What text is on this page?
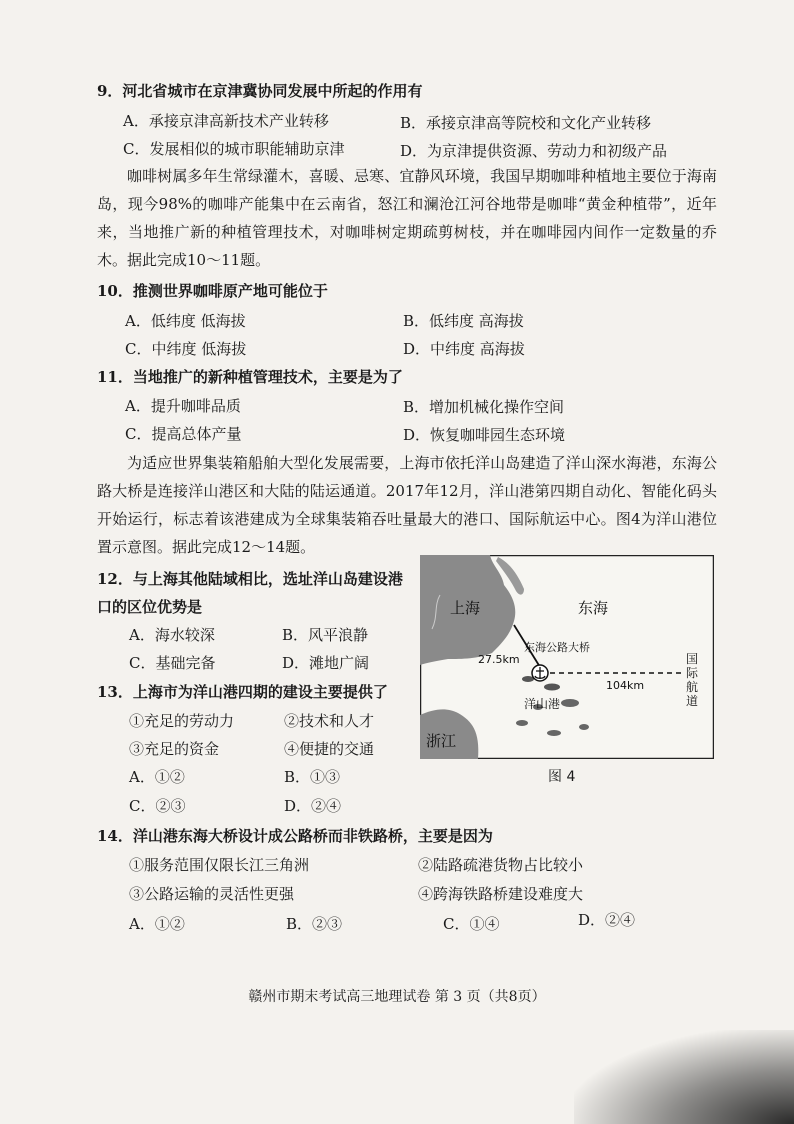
9．河北省城市在京津冀协同发展中所起的作用有
A．承接京津高新技术产业转移	B．承接京津高等院校和文化产业转移
C．发展相似的城市职能辅助京津	D．为京津提供资源、劳动力和初级产品
咖啡树属多年生常绿灌木，喜暖、忌寒、宜静风环境，我国早期咖啡种植地主要位于海南岛，现今98%的咖啡产能集中在云南省，怒江和澜沧江河谷地带是咖啡“黄金种植带”，近年来，当地推广新的种植管理技术，对咖啡树定期疏剪树枝，并在咖啡园内间作一定数量的乔木。据此完成10～11题。
10．推测世界咖啡原产地可能位于
A．低纬度 低海拔	B．低纬度 高海拔
C．中纬度 低海拔	D．中纬度 高海拔
11．当地推广的新种植管理技术，主要是为了
A．提升咖啡品质	B．增加机械化操作空间
C．提高总体产量	D．恢复咖啡园生态环境
为适应世界集装箱船舶大型化发展需要，上海市依托洋山岛建造了洋山深水海港，东海公路大桥是连接洋山港区和大陆的陆运通道。2017年12月，洋山港第四期自动化、智能化码头开始运行，标志着该港建成为全球集装箱吞吐量最大的港口、国际航运中心。图4为洋山港位置示意图。据此完成12～14题。
12．与上海其他陆域相比，选址洋山岛建设港
口的区位优势是
A．海水较深	B．风平浪静
C．基础完备	D．滩地广阔
13．上海市为洋山港四期的建设主要提供了
①充足的劳动力	②技术和人才
③充足的资金	④便捷的交通
A．①②	B．①③
C．②③	D．②④
上海	东海
东海公路大桥
27.5km
104km
洋山港
浙江
国
际
航
道
图 4
14．洋山港东海大桥设计成公路桥而非铁路桥，主要是因为
①服务范围仅限长江三角洲	②陆路疏港货物占比较小
③公路运输的灵活性更强	④跨海铁路桥建设难度大
A．①②	B．②③	C．①④	D．②④
赣州市期末考试高三地理试卷 第 3 页（共8页）
